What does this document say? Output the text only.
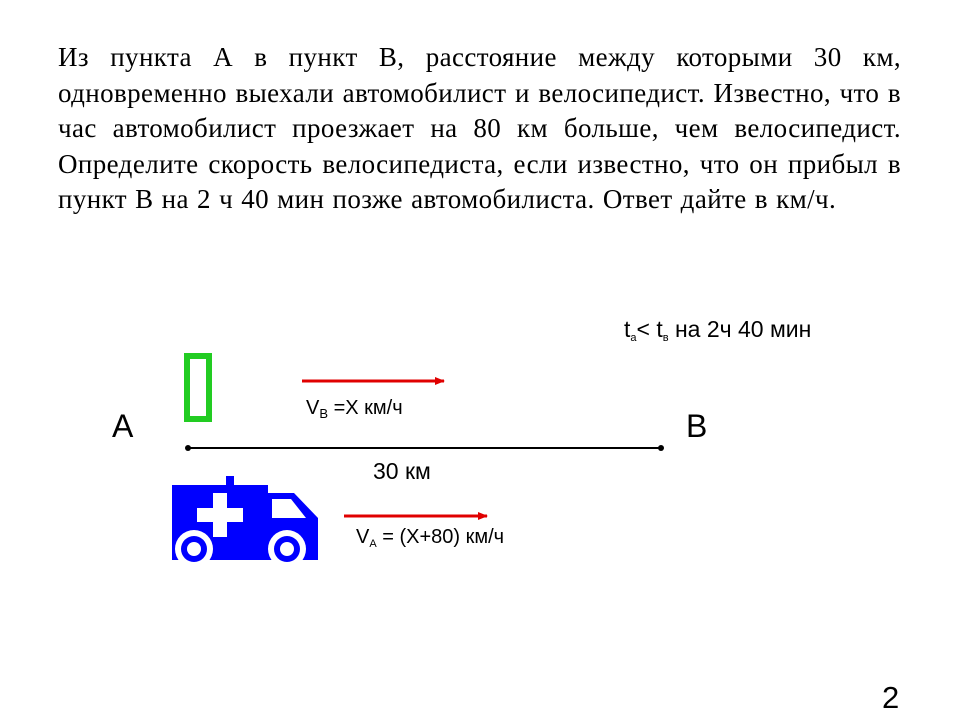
Из пункта А в пункт В, расстояние между которыми 30 км, одновременно выехали автомобилист и велосипедист. Известно, что в час автомобилист проезжает на 80 км больше, чем велосипедист. Определите скорость велосипедиста, если известно, что он прибыл в пункт В на 2 ч 40 мин позже автомобилиста. Ответ дайте в км/ч.

А	В
30 км
$t_a< t_в$ на 2ч 40 мин
$V_B =X$ км/ч
$V_A = (X+80)$ км/ч
2
